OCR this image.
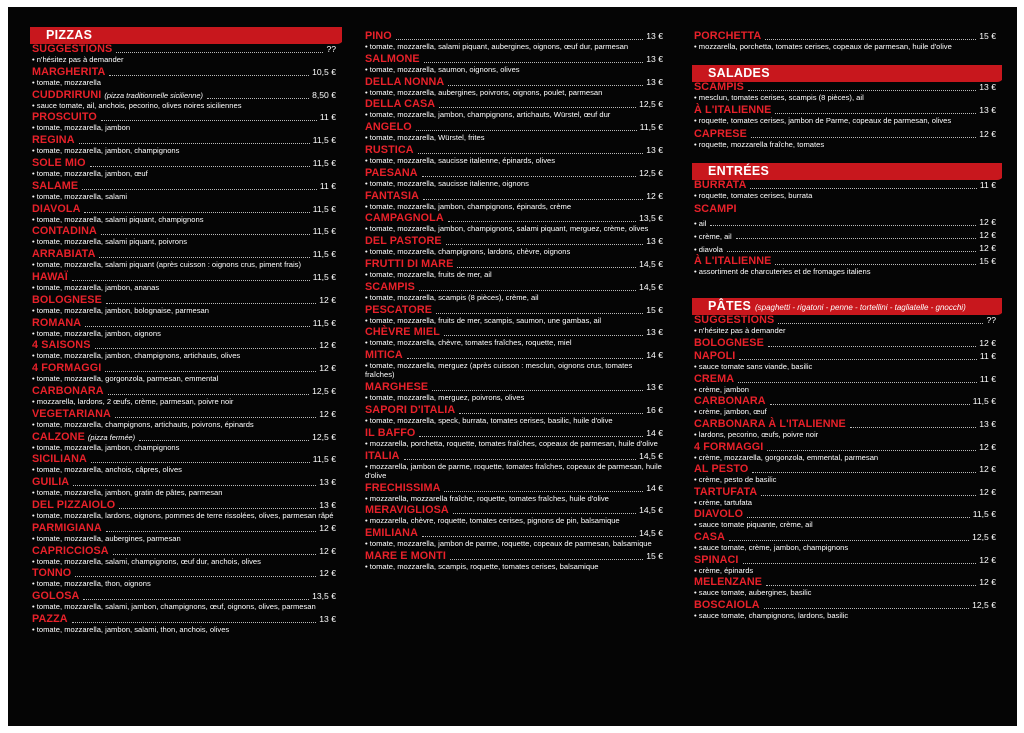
PIZZAS
SUGGESTIONS	??
• n'hésitez pas à demander
MARGHERITA	10,5 €
• tomate, mozzarella
CUDDRIRUNI (pizza traditionnelle sicilienne)	8,50 €
• sauce tomate, ail, anchois, pecorino, olives noires siciliennes
PROSCUITO	11 €
• tomate, mozzarella, jambon
REGINA	11,5 €
• tomate, mozzarella, jambon, champignons
SOLE MIO	11,5 €
• tomate, mozzarella, jambon, œuf
SALAME	11 €
• tomate, mozzarella, salami
DIAVOLA	11,5 €
• tomate, mozzarella, salami piquant, champignons
CONTADINA	11,5 €
• tomate, mozzarella, salami piquant, poivrons
ARRABIATA	11,5 €
• tomate, mozzarella, salami piquant (après cuisson : oignons crus, piment frais)
HAWAÏ	11,5 €
• tomate, mozzarella, jambon, ananas
BOLOGNESE	12 €
• tomate, mozzarella, jambon, bolognaise, parmesan
ROMANA	11,5 €
• tomate, mozzarella, jambon, oignons
4 SAISONS	12 €
• tomate, mozzarella, jambon, champignons, artichauts, olives
4 FORMAGGI	12 €
• tomate, mozzarella, gorgonzola, parmesan, emmental
CARBONARA	12,5 €
• mozzarella, lardons, 2 œufs, crème, parmesan, poivre noir
VEGETARIANA	12 €
• tomate, mozzarella, champignons, artichauts, poivrons, épinards
CALZONE (pizza fermée)	12,5 €
• tomate, mozzarella, jambon, champignons
SICILIANA	11,5 €
• tomate, mozzarella, anchois, câpres, olives
GUILIA	13 €
• tomate, mozzarella, jambon, gratin de pâtes, parmesan
DEL PIZZAIOLO	13 €
• tomate, mozzarella, lardons, oignons, pommes de terre rissolées, olives, parmesan râpé
PARMIGIANA	12 €
• tomate, mozzarella, aubergines, parmesan
CAPRICCIOSA	12 €
• tomate, mozzarella, salami, champignons, œuf dur, anchois, olives
TONNO	12 €
• tomate, mozzarella, thon, oignons
GOLOSA	13,5 €
• tomate, mozzarella, salami, jambon, champignons, œuf, oignons, olives, parmesan
PAZZA	13 €
• tomate, mozzarella, jambon, salami, thon, anchois, olives
PINO	13 €
• tomate, mozzarella, salami piquant, aubergines, oignons, œuf dur, parmesan
SALMONE	13 €
• tomate, mozzarella, saumon, oignons, olives
DELLA NONNA	13 €
• tomate, mozzarella, aubergines, poivrons, oignons, poulet, parmesan
DELLA CASA	12,5 €
• tomate, mozzarella, jambon, champignons, artichauts, Würstel, œuf dur
ANGELO	11,5 €
• tomate, mozzarella, Würstel, frites
RUSTICA	13 €
• tomate, mozzarella, saucisse italienne, épinards, olives
PAESANA	12,5 €
• tomate, mozzarella, saucisse italienne, oignons
FANTASIA	12 €
• tomate, mozzarella, jambon, champignons, épinards, crème
CAMPAGNOLA	13,5 €
• tomate, mozzarella, jambon, champignons, salami piquant, merguez, crème, olives
DEL PASTORE	13 €
• tomate, mozzarella, champignons, lardons, chèvre, oignons
FRUTTI DI MARE	14,5 €
• tomate, mozzarella, fruits de mer, ail
SCAMPIS	14,5 €
• tomate, mozzarella, scampis (8 pièces), crème, ail
PESCATORE	15 €
• tomate, mozzarella, fruits de mer, scampis, saumon, une gambas, ail
CHÈVRE MIEL	13 €
• tomate, mozzarella, chèvre, tomates fraîches, roquette, miel
MITICA	14 €
• tomate, mozzarella, merguez (après cuisson : mesclun, oignons crus, tomates fraîches)
MARGHESE	13 €
• tomate, mozzarella, merguez, poivrons, olives
SAPORI D'ITALIA	16 €
• tomate, mozzarella, speck, burrata, tomates cerises, basilic, huile d'olive
IL BAFFO	14 €
• mozzarella, porchetta, roquette, tomates fraîches, copeaux de parmesan, huile d'olive
ITALIA	14,5 €
• mozzarella, jambon de parme, roquette, tomates fraîches, copeaux de parmesan, huile d'olive
FRECHISSIMA	14 €
• mozzarella, mozzarella fraîche, roquette, tomates fraîches, huile d'olive
MERAVIGLIOSA	14,5 €
• mozzarella, chèvre, roquette, tomates cerises, pignons de pin, balsamique
EMILIANA	14,5 €
• tomate, mozzarella, jambon de parme, roquette, copeaux de parmesan, balsamique
MARE E MONTI	15 €
• tomate, mozzarella, scampis, roquette, tomates cerises, balsamique
PORCHETTA	15 €
• mozzarella, porchetta, tomates cerises, copeaux de parmesan, huile d'olive
SALADES
SCAMPIS	13 €
• mesclun, tomates cerises, scampis (8 pièces), ail
À L'ITALIENNE	13 €
• roquette, tomates cerises, jambon de Parme, copeaux de parmesan, olives
CAPRESE	12 €
• roquette, mozzarella fraîche, tomates
ENTRÉES
BURRATA	11 €
• roquette, tomates cerises, burrata
SCAMPI
• ail	12 €
• crème, ail	12 €
• diavola	12 €
À L'ITALIENNE	15 €
• assortiment de charcuteries et de fromages italiens
PÂTES (spaghetti - rigatoni - penne - tortellini - tagliatelle - gnocchi)
SUGGESTIONS	??
• n'hésitez pas à demander
BOLOGNESE	12 €
NAPOLI	11 €
• sauce tomate sans viande, basilic
CREMA	11 €
• crème, jambon
CARBONARA	11,5 €
• crème, jambon, œuf
CARBONARA À L'ITALIENNE	13 €
• lardons, pecorino, œufs, poivre noir
4 FORMAGGI	12 €
• crème, mozzarella, gorgonzola, emmental, parmesan
AL PESTO	12 €
• crème, pesto de basilic
TARTUFATA	12 €
• crème, tartufata
DIAVOLO	11,5 €
• sauce tomate piquante, crème, ail
CASA	12,5 €
• sauce tomate, crème, jambon, champignons
SPINACI	12 €
• crème, épinards
MELENZANE	12 €
• sauce tomate, aubergines, basilic
BOSCAIOLA	12,5 €
• sauce tomate, champignons, lardons, basilic
